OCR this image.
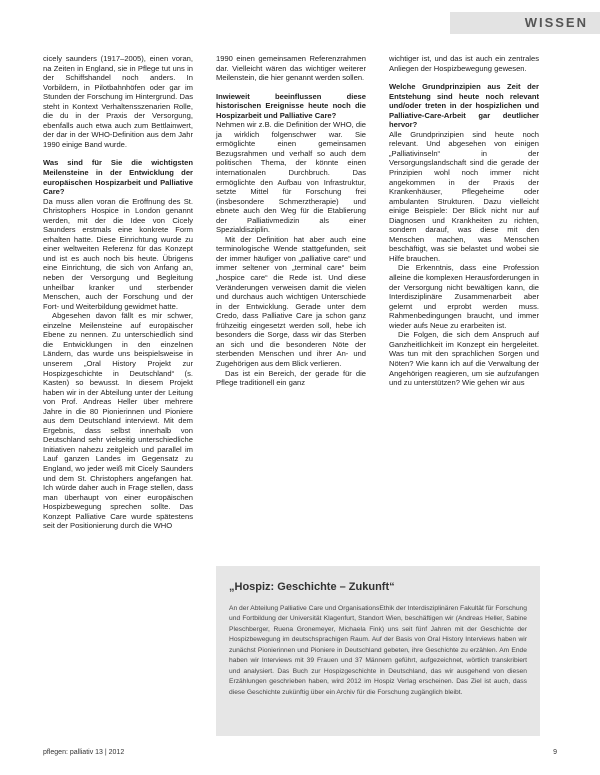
WISSEN

cicely saunders (1917–2005), einen voran, na Zeiten in England, sie in Pflege tut uns in der Schiffshandel noch anders. In Vorbildern, in Pilotbahnhöfen oder gar im Stunden der Forschung im Hintergrund. Das steht in Kontext Verhaltensszenarien Rolle, die du in der Praxis der Versorgung, ebenfalls auch etwa auch zum Bettlainwert, der dar in der WHO-Definition aus dem Jahr 1990 einige Band wurde.

Was sind für Sie die wichtigsten Meilensteine in der Entwicklung der europäischen Hospizarbeit und Palliative Care?

Da muss allen voran die Eröffnung des St. Christophers Hospice in London genannt werden, mit der die Idee von Cicely Saunders erstmals eine konkrete Form erhalten hatte. Diese Einrichtung wurde zu einer weltweiten Referenz für das Konzept und ist es auch noch bis heute. Übrigens eine Einrichtung, die sich von Anfang an, neben der Versorgung und Begleitung unheilbar kranker und sterbender Menschen, auch der Forschung und der Fort- und Weiterbildung gewidmet hatte.

Abgesehen davon fällt es mir schwer, einzelne Meilensteine auf europäischer Ebene zu nennen. Zu unterschiedlich sind die Entwicklungen in den einzelnen Ländern, das wurde uns beispielsweise in unserem „Oral History Projekt zur Hospizgeschichte in Deutschland“ (s. Kasten) so bewusst. In diesem Projekt haben wir in der Abteilung unter der Leitung von Prof. Andreas Heller über mehrere Jahre in die 80 Pionierinnen und Pioniere aus dem Deutschland interviewt. Mit dem Ergebnis, dass selbst innerhalb von Deutschland sehr vielseitig unterschiedliche Initiativen nahezu zeitgleich und parallel im Lauf ganzen Landes im Gegensatz zu England, wo jeder weiß mit Cicely Saunders und dem St. Christophers angefangen hat. Ich würde daher auch in Frage stellen, dass man überhaupt von einer europäischen Hospizbewegung sprechen sollte. Das Konzept Palliative Care wurde spätestens seit der Positionierung durch die WHO

1990 einen gemeinsamen Referenzrahmen dar. Vielleicht wären das wichtiger weiterer Meilenstein, die hier genannt werden sollen.

Inwieweit beeinflussen diese historischen Ereignisse heute noch die Hospizarbeit und Palliative Care?

Nehmen wir z.B. die Definition der WHO, die ja wirklich folgenschwer war. Sie ermöglichte einen gemeinsamen Bezugsrahmen und verhalf so auch dem politischen Thema, der könnte einen internationalen Durchbruch. Das ermöglichte den Aufbau von Infrastruktur, setzte Mittel für Forschung frei (insbesondere Schmerztherapie) und ebnete auch den Weg für die Etablierung der Palliativmedizin als einer Spezialdisziplin.

Mit der Definition hat aber auch eine terminologische Wende stattgefunden, seit der immer häufiger von „palliative care“ und immer seltener von „terminal care“ beim „hospice care“ die Rede ist. Und diese Veränderungen verweisen damit die vielen und durchaus auch wichtigen Unterschiede in der Entwicklung. Gerade unter dem Credo, dass Palliative Care ja schon ganz frühzeitig eingesetzt werden soll, hebe ich besonders die Sorge, dass wir das Sterben an sich und die besonderen Nöte der sterbenden Menschen und ihrer An- und Zugehörigen aus dem Blick verlieren.

Das ist ein Bereich, der gerade für die Pflege traditionell ein ganz

wichtiger ist, und das ist auch ein zentrales Anliegen der Hospizbewegung gewesen.

Welche Grundprinzipien aus Zeit der Entstehung sind heute noch relevant und/oder treten in der hospizlichen und Palliative-Care-Arbeit gar deutlicher hervor?

Alle Grundprinzipien sind heute noch relevant. Und abgesehen von einigen „Palliativinseln“ in der Versorgungslandschaft sind die gerade der Prinzipien wohl noch immer nicht angekommen in der Praxis der Krankenhäuser, Pflegeheime oder ambulanten Strukturen. Dazu vielleicht einige Beispiele: Der Blick nicht nur auf Diagnosen und Krankheiten zu richten, sondern darauf, was diese mit den Menschen machen, was Menschen beschäftigt, was sie belastet und wobei sie Hilfe brauchen.

Die Erkenntnis, dass eine Profession alleine die komplexen Herausforderungen in der Versorgung nicht bewältigen kann, die Interdisziplinäre Zusammenarbeit aber gelernt und erprobt werden muss. Rahmenbedingungen braucht, und immer wieder aufs Neue zu erarbeiten ist.

Die Folgen, die sich dem Anspruch auf Ganzheitlichkeit im Konzept ein hergeleitet. Was tun mit den sprachlichen Sorgen und Nöten? Wie kann ich auf die Verwaltung der Angehörigen reagieren, um sie aufzufangen und zu unterstützen? Wie gehen wir aus

„Hospiz: Geschichte – Zukunft“

An der Abteilung Palliative Care und OrganisationsEthik der Interdisziplinären Fakultät für Forschung und Fortbildung der Universität Klagenfurt, Standort Wien, beschäftigen wir (Andreas Heller, Sabine Pleschberger, Ruena Gronemeyer, Michaela Fink) uns seit fünf Jahren mit der Geschichte der Hospizbewegung im deutschsprachigen Raum. Auf der Basis von Oral History Interviews haben wir zunächst Pionierinnen und Pioniere in Deutschland gebeten, ihre Geschichte zu erzählen. Am Ende haben wir Interviews mit 39 Frauen und 37 Männern geführt, aufgezeichnet, wörtlich transkribiert und analysiert. Das Buch zur Hospizgeschichte in Deutschland, das wir ausgehend von diesen Erzählungen geschrieben haben, wird 2012 im Hospiz Verlag erscheinen. Das Ziel ist auch, dass diese Geschichte zukünftig über ein Archiv für die Forschung zugänglich bleibt.

pflegen: palliativ 13 | 2012	9
